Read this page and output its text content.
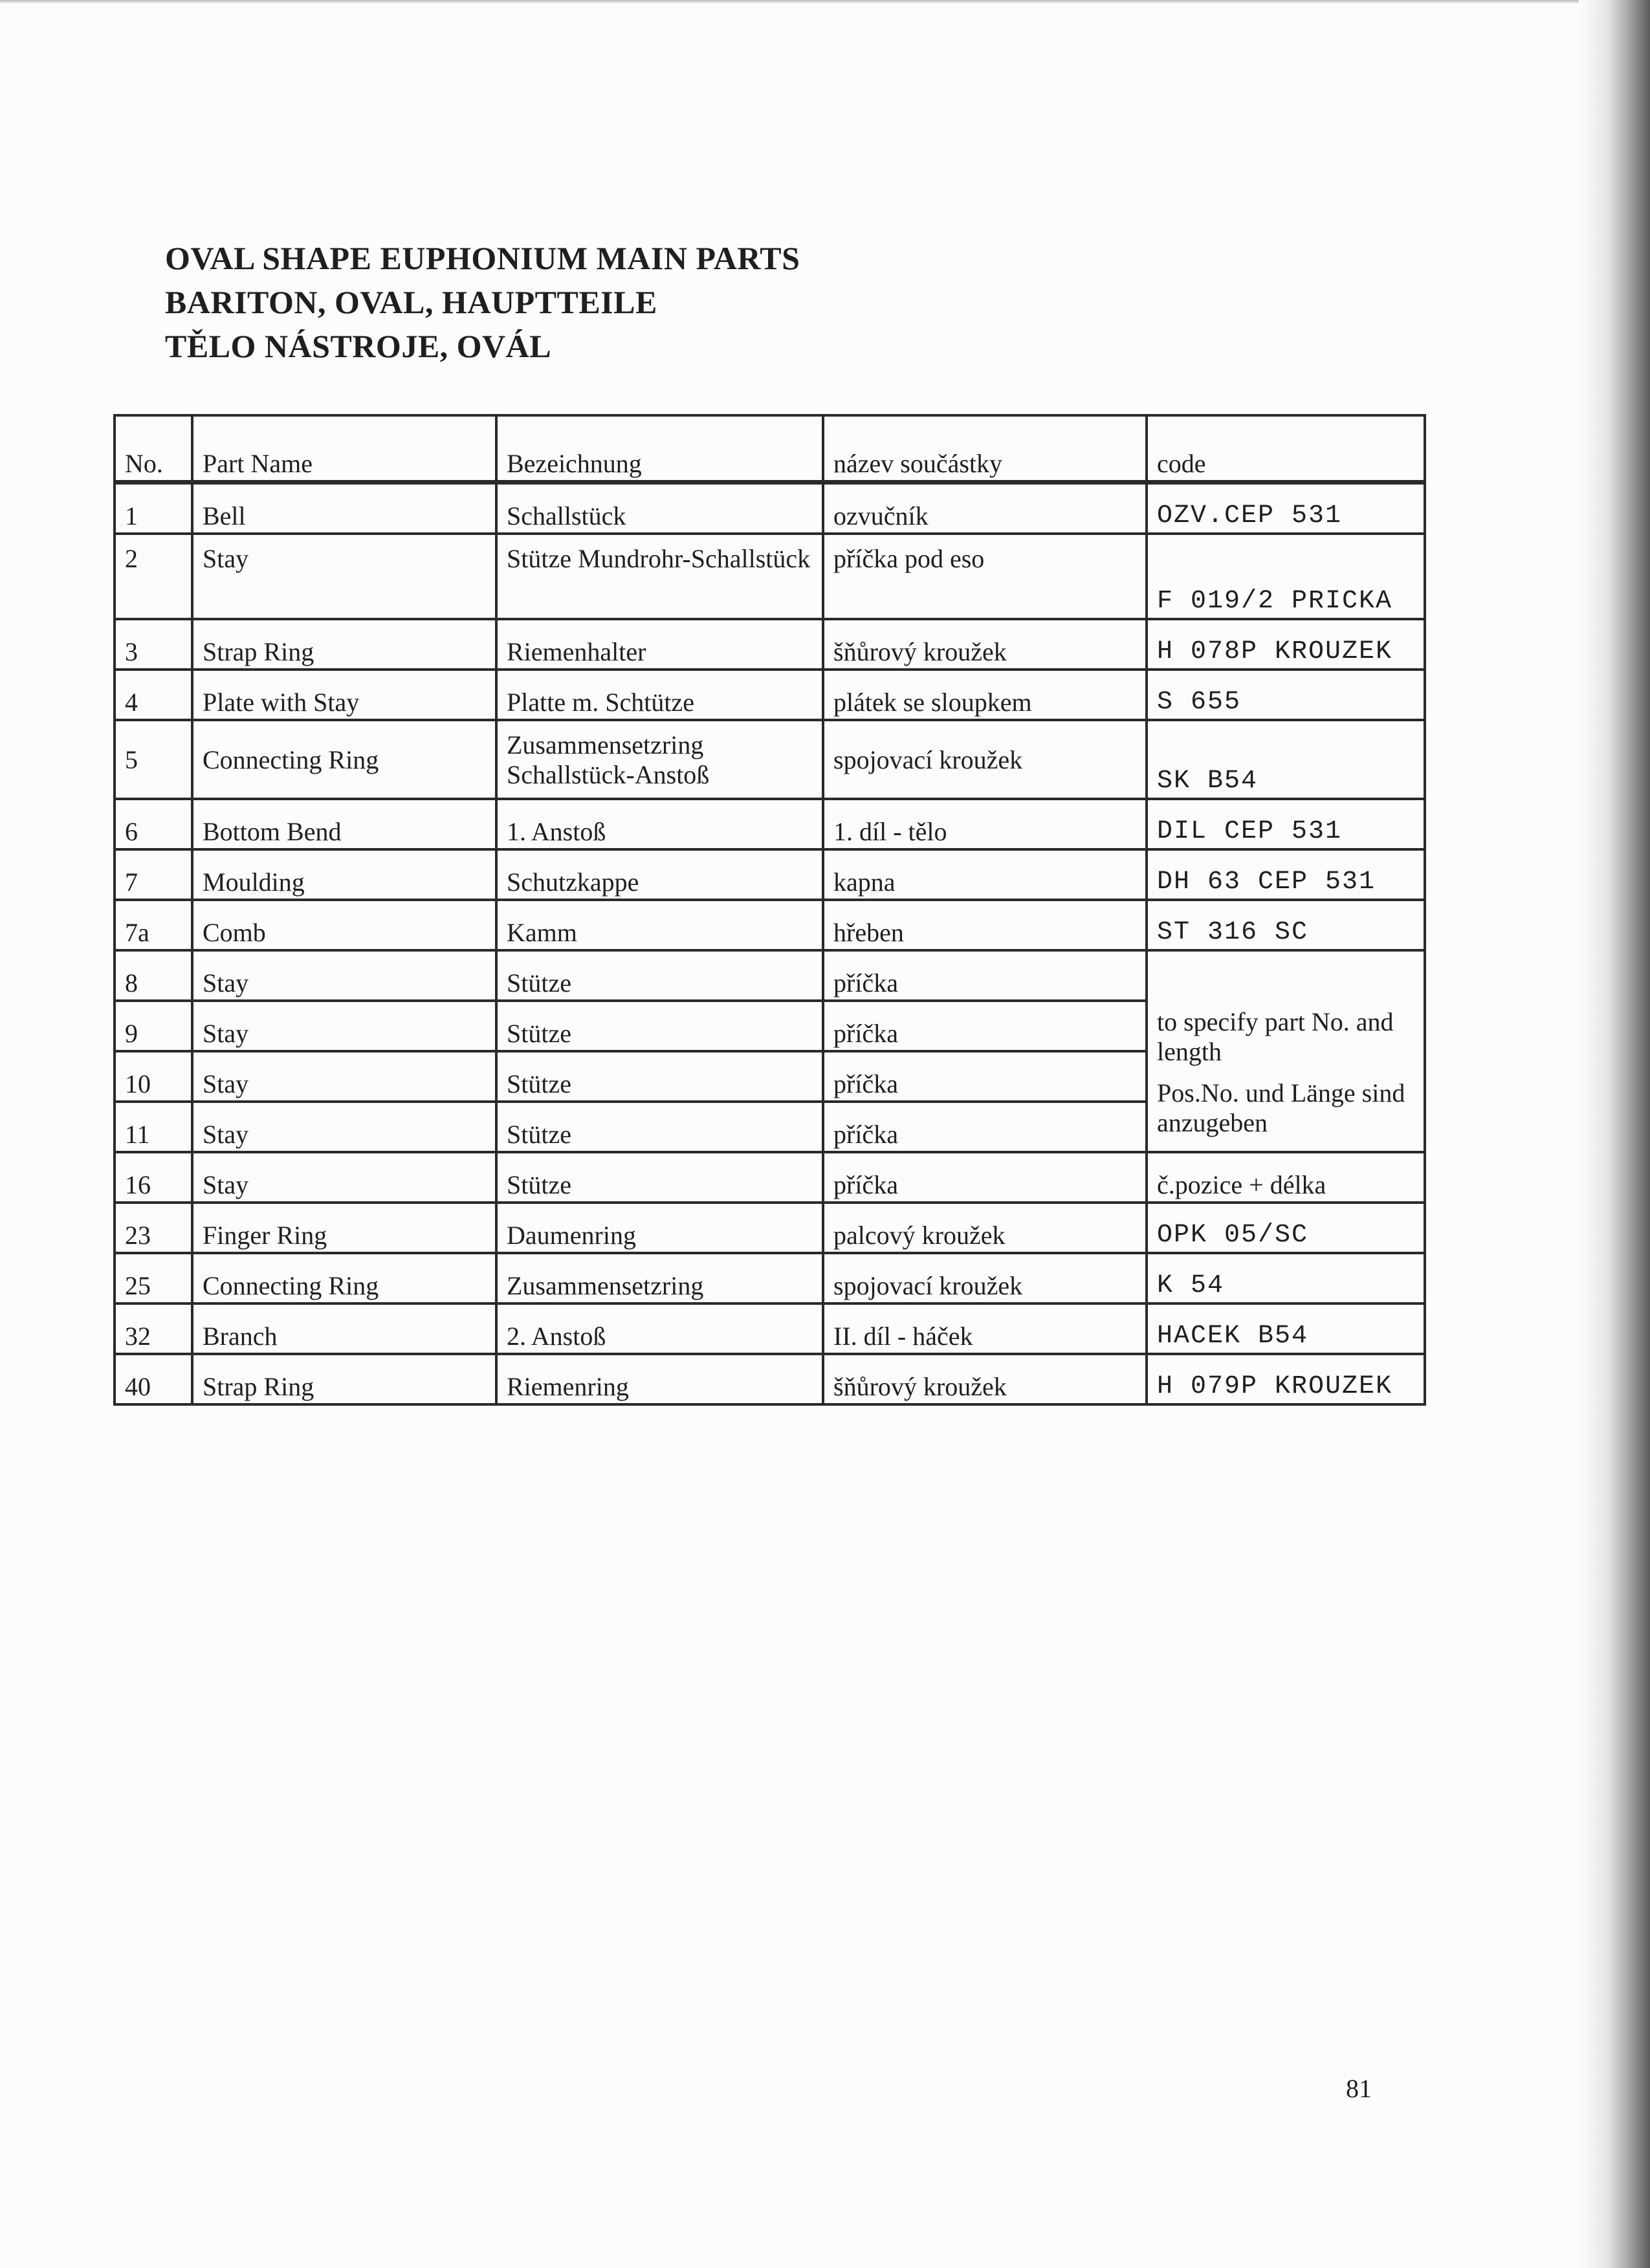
OVAL SHAPE EUPHONIUM MAIN PARTS
BARITON, OVAL, HAUPTTEILE
TĚLO NÁSTROJE, OVÁL
No.	Part Name	Bezeichnung	název součástky	code
1	Bell	Schallstück	ozvučník	OZV.CEP 531
2	Stay	Stütze Mundrohr-Schallstück	příčka pod eso	F 019/2 PRICKA
3	Strap Ring	Riemenhalter	šňůrový kroužek	H 078P KROUZEK
4	Plate with Stay	Platte m. Schtütze	plátek se sloupkem	S 655
5	Connecting Ring	Zusammensetzring Schallstück-Anstoß	spojovací kroužek	SK B54
6	Bottom Bend	1. Anstoß	1. díl - tělo	DIL CEP 531
7	Moulding	Schutzkappe	kapna	DH 63 CEP 531
7a	Comb	Kamm	hřeben	ST 316 SC
8	Stay	Stütze	příčka	to specify part No. and length

Pos.No. und Länge sind anzugeben

9	Stay	Stütze	příčka	
10	Stay	Stütze	příčka	
11	Stay	Stütze	příčka	
16	Stay	Stütze	příčka	č.pozice + délka
23	Finger Ring	Daumenring	palcový kroužek	OPK 05/SC
25	Connecting Ring	Zusammensetzring	spojovací kroužek	K 54
32	Branch	2. Anstoß	II. díl - háček	HACEK B54
40	Strap Ring	Riemenring	šňůrový kroužek	H 079P KROUZEK
81
